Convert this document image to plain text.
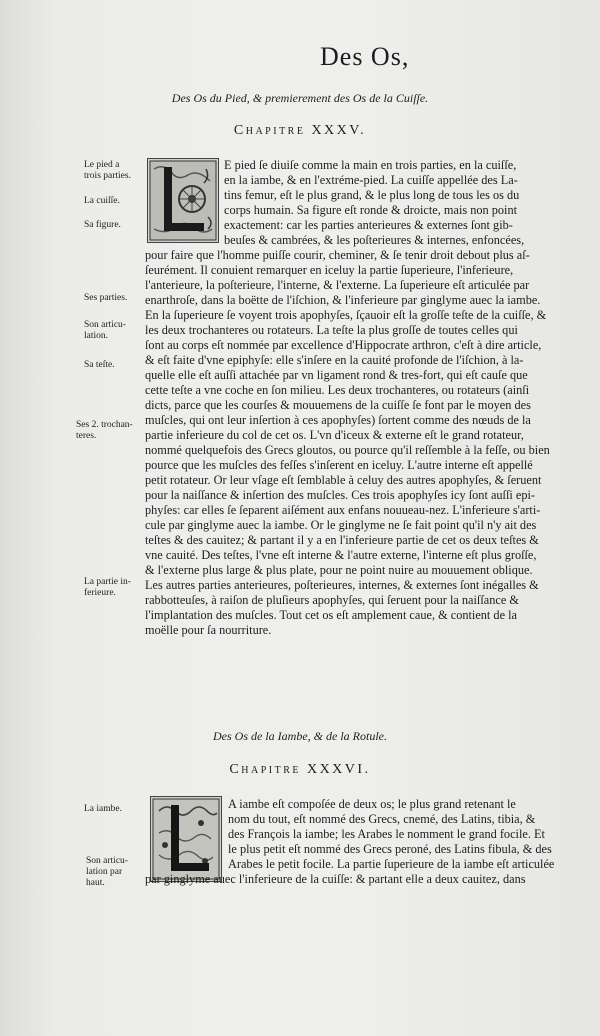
Des Os,
Des Os du Pied, & premierement des Os de la Cuiſſe.
Chapitre XXXV.
E pied ſe diuiſe comme la main en trois parties, en la cuiſſe,
en la iambe, & en l'extréme-pied. La cuiſſe appellée des La-
tins femur, eſt le plus grand, & le plus long de tous les os du
corps humain. Sa figure eſt ronde & droicte, mais non point
exactement: car les parties anterieures & externes ſont gib-
beuſes & cambrées, & les poſterieures & internes, enfoncées,
pour faire que l'homme puiſſe courir, cheminer, & ſe tenir droit debout plus aſ-
ſeurément. Il conuient remarquer en iceluy la partie ſuperieure, l'inferieure,
l'anterieure, la poſterieure, l'interne, & l'externe. La ſuperieure eſt articulée par
enarthroſe, dans la boëtte de l'iſchion, & l'inferieure par ginglyme auec la iambe.
En la ſuperieure ſe voyent trois apophyſes, ſçauoir eſt la groſſe teſte de la cuiſſe, &
les deux trochanteres ou rotateurs. La teſte la plus groſſe de toutes celles qui
ſont au corps eſt nommée par excellence d'Hippocrate arthron, c'eſt à dire article,
& eſt faite d'vne epiphyſe: elle s'inſere en la cauité profonde de l'iſchion, à la-
quelle elle eſt auſſi attachée par vn ligament rond & tres-fort, qui eſt cauſe que
cette teſte a vne coche en ſon milieu. Les deux trochanteres, ou rotateurs (ainſi
dicts, parce que les courſes & mouuemens de la cuiſſe ſe font par le moyen des
muſcles, qui ont leur inſertion à ces apophyſes) ſortent comme des nœuds de la
partie inferieure du col de cet os. L'vn d'iceux & externe eſt le grand rotateur,
nommé quelquefois des Grecs gloutos, ou pource qu'il reſſemble à la feſſe, ou bien
pource que les muſcles des feſſes s'inſerent en iceluy. L'autre interne eſt appellé
petit rotateur. Or leur vſage eſt ſemblable à celuy des autres apophyſes, & ſeruent
pour la naiſſance & inſertion des muſcles. Ces trois apophyſes icy ſont auſſi epi-
phyſes: car elles ſe ſeparent aiſément aux enfans nouueau-nez. L'inferieure s'arti-
cule par ginglyme auec la iambe. Or le ginglyme ne ſe fait point qu'il n'y ait des
teſtes & des cauitez; & partant il y a en l'inferieure partie de cet os deux teſtes &
vne cauité. Des teſtes, l'vne eſt interne & l'autre externe, l'interne eſt plus groſſe,
& l'externe plus large & plus plate, pour ne point nuire au mouuement oblique.
Les autres parties anterieures, poſterieures, internes, & externes ſont inégalles &
rabbotteuſes, à raiſon de pluſieurs apophyſes, qui ſeruent pour la naiſſance &
l'implantation des muſcles. Tout cet os eſt amplement caue, & contient de la
moëlle pour ſa nourriture.
Le pied a
trois parties.
La cuiſſe.
Sa figure.
Ses parties.
Son articu-
lation.
Sa teſte.
Ses 2. trochan-
teres.
La partie in-
ferieure.
Des Os de la Iambe, & de la Rotule.
Chapitre XXXVI.
A iambe eſt compoſée de deux os; le plus grand retenant le
nom du tout, eſt nommé des Grecs, cnemé, des Latins, tibia, &
des François la iambe; les Arabes le nomment le grand focile. Et
le plus petit eſt nommé des Grecs peroné, des Latins fibula, & des
Arabes le petit focile. La partie ſuperieure de la iambe eſt articulée
par ginglyme auec l'inferieure de la cuiſſe: & partant elle a deux cauitez, dans
La iambe.
Son articu-
lation par
haut.
